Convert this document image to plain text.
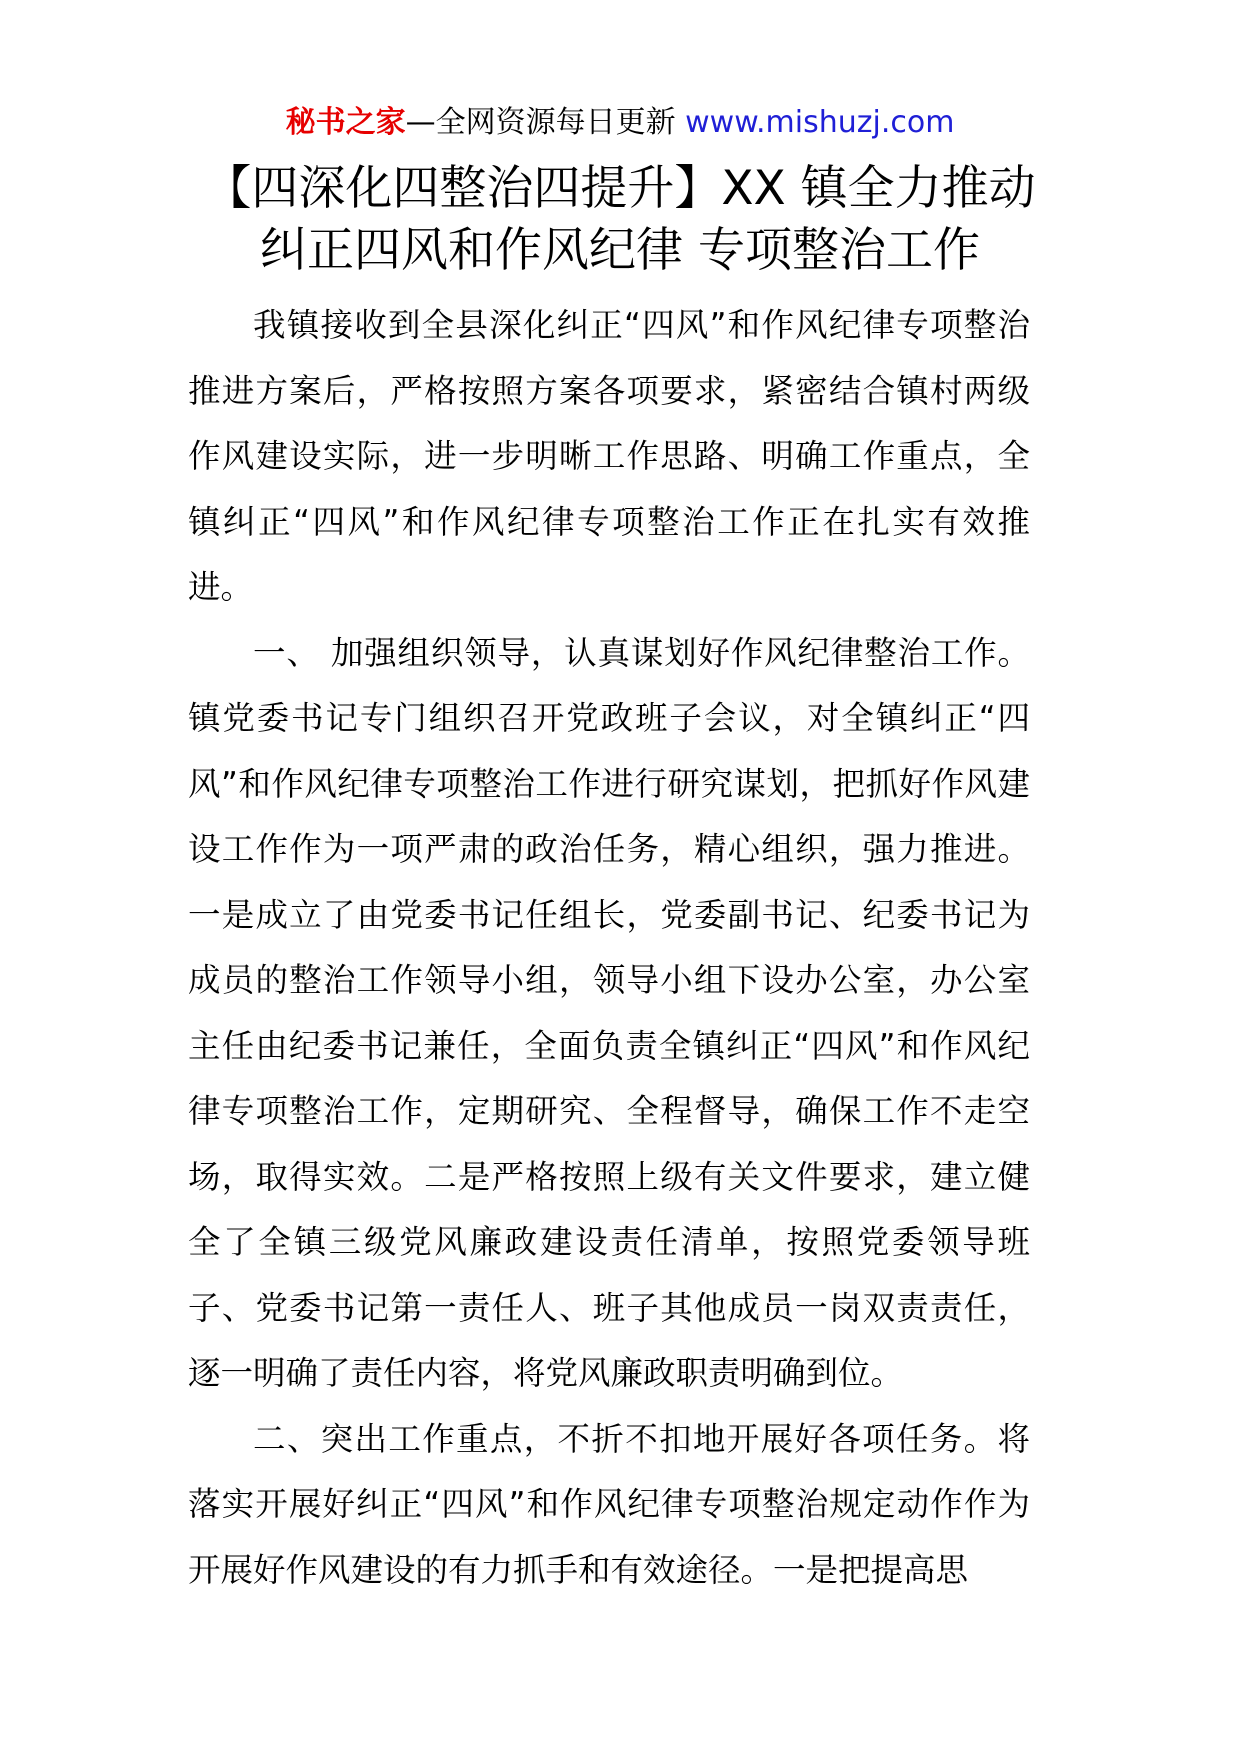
秘书之家—全网资源每日更新 www.mishuzj.com
【四深化四整治四提升】XX 镇全力推动
纠正四风和作风纪律 专项整治工作

我镇接收到全县深化纠正“四风”和作风纪律专项整治推进方案后，严格按照方案各项要求，紧密结合镇村两级作风建设实际，进一步明晰工作思路、明确工作重点，全镇纠正“四风”和作风纪律专项整治工作正在扎实有效推进。

一、 加强组织领导，认真谋划好作风纪律整治工作。镇党委书记专门组织召开党政班子会议，对全镇纠正“四风”和作风纪律专项整治工作进行研究谋划，把抓好作风建设工作作为一项严肃的政治任务，精心组织，强力推进。一是成立了由党委书记任组长，党委副书记、纪委书记为成员的整治工作领导小组，领导小组下设办公室，办公室主任由纪委书记兼任，全面负责全镇纠正“四风”和作风纪律专项整治工作，定期研究、全程督导，确保工作不走空场，取得实效。二是严格按照上级有关文件要求，建立健全了全镇三级党风廉政建设责任清单，按照党委领导班子、党委书记第一责任人、班子其他成员一岗双责责任，逐一明确了责任内容，将党风廉政职责明确到位。

二、突出工作重点，不折不扣地开展好各项任务。将落实开展好纠正“四风”和作风纪律专项整治规定动作作为开展好作风建设的有力抓手和有效途径。一是把提高思
